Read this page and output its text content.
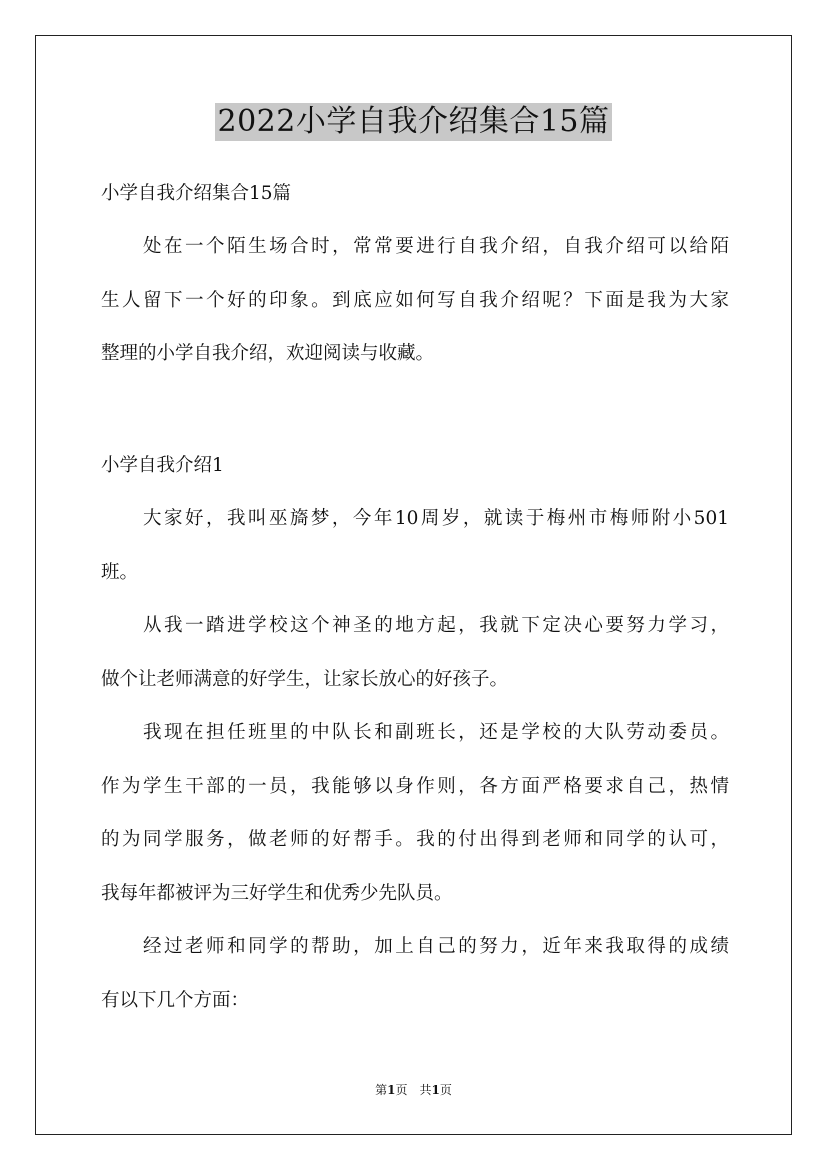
2022小学自我介绍集合15篇
小学自我介绍集合15篇
处在一个陌生场合时，常常要进行自我介绍，自我介绍可以给陌
生人留下一个好的印象。到底应如何写自我介绍呢？下面是我为大家
整理的小学自我介绍，欢迎阅读与收藏。
小学自我介绍1
大家好，我叫巫旖梦，今年10周岁，就读于梅州市梅师附小501
班。
从我一踏进学校这个神圣的地方起，我就下定决心要努力学习，
做个让老师满意的好学生，让家长放心的好孩子。
我现在担任班里的中队长和副班长，还是学校的大队劳动委员。
作为学生干部的一员，我能够以身作则，各方面严格要求自己，热情
的为同学服务，做老师的好帮手。我的付出得到老师和同学的认可，
我每年都被评为三好学生和优秀少先队员。
经过老师和同学的帮助，加上自己的努力，近年来我取得的成绩
有以下几个方面：
第1页　共1页
